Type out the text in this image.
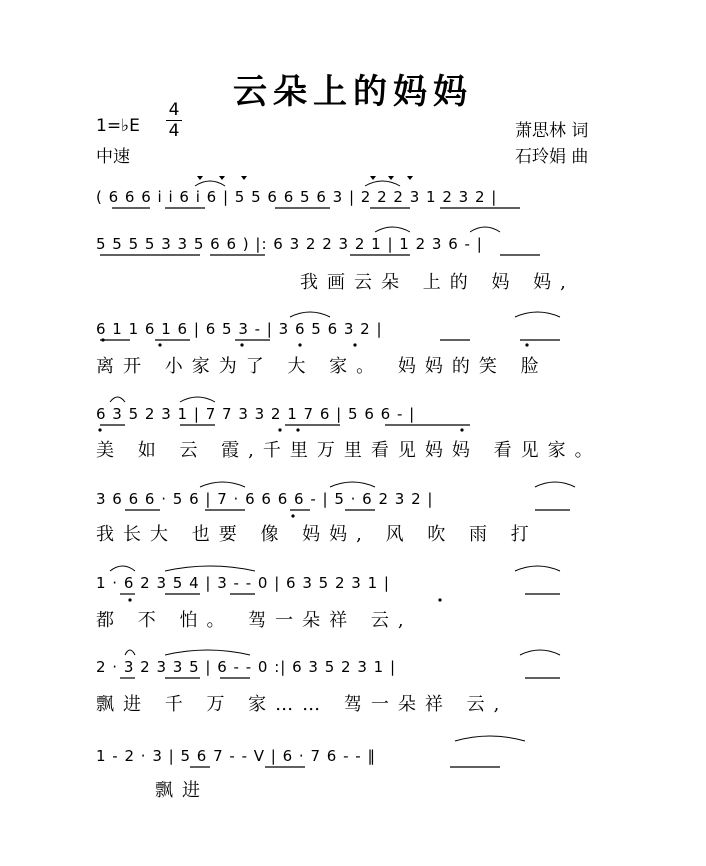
云朵上的妈妈
1=♭E
4
4
中速
萧思林 词
石玲娟 曲
( 6 6 6 i i 6 i 6 | 5 5 6 6 5 6 3 | 2 2 2 3 1 2 3 2 |
5 5 5 5 3 3 5 6 6 ) |: 6 3 2 2 3 2 1 | 1 2 3 6 - |
我画云朵 上的 妈 妈,
6 1 1 6 1 6 | 6 5 3 - | 3 6 5 6 3 2 |
离开 小家为了 大 家。 妈妈的笑 脸
6 3 5 2 3 1 | 7 7 3 3 2 1 7 6 | 5 6 6 - |
美 如 云 霞,千里万里看见妈妈 看见家。
3 6 6 6 · 5 6 | 7 · 6 6 6 6 - | 5 · 6 2 3 2 |
我长大 也要 像 妈妈, 风 吹 雨 打
1 · 6 2 3 5 4 | 3 - - 0 | 6 3 5 2 3 1 |
都 不 怕。 驾一朵祥 云,
2 · 3 2 3 3 5 | 6 - - 0 :| 6 3 5 2 3 1 |
飘进 千 万 家…… 驾一朵祥 云,
1 - 2 · 3 | 5 6 7 - - V | 6 · 7 6 - - ‖
飘进
